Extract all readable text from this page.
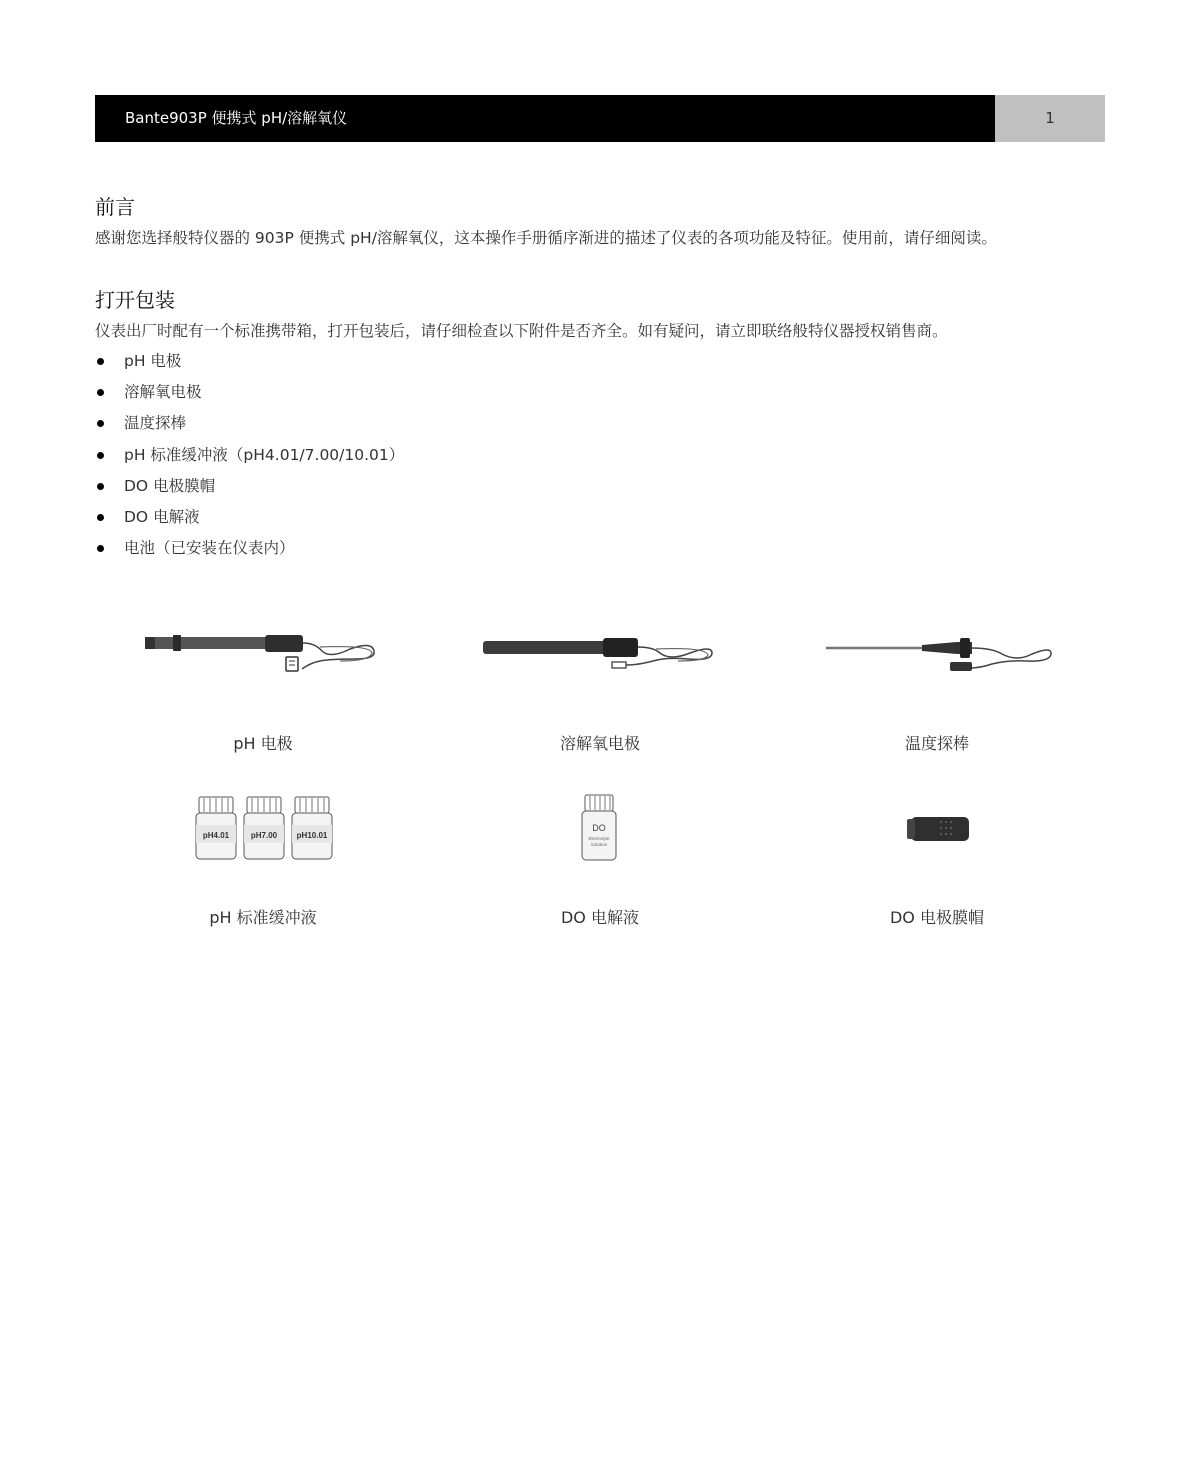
Bante903P 便携式 pH/溶解氧仪	1
前言
感谢您选择般特仪器的 903P 便携式 pH/溶解氧仪，这本操作手册循序渐进的描述了仪表的各项功能及特征。使用前，请仔细阅读。
打开包装
仪表出厂时配有一个标准携带箱，打开包装后，请仔细检查以下附件是否齐全。如有疑问，请立即联络般特仪器授权销售商。
pH 电极
溶解氧电极
温度探棒
pH 标准缓冲液（pH4.01/7.00/10.01）
DO 电极膜帽
DO 电解液
电池（已安装在仪表内）
pH 电极	溶解氧电极	温度探棒
pH4.01	pH7.00 pH10.01
DO
Electrolyte
Solution
pH 标准缓冲液	DO 电解液	DO 电极膜帽
